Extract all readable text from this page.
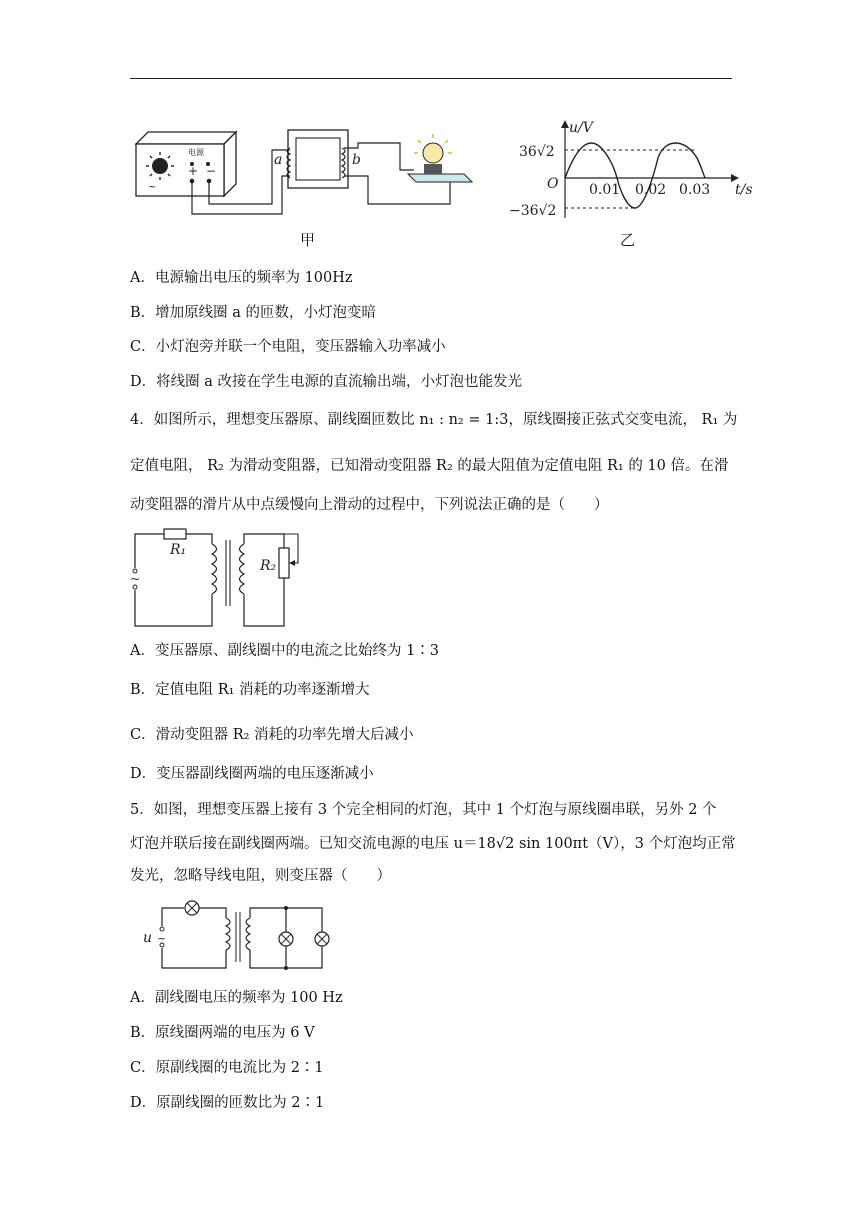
~
电源
+ −
a	b
甲
u/V
t/s
O
36√2
−36√2
0.01 0.02 0.03
乙
A．电源输出电压的频率为 100Hz
B．增加原线圈 a 的匝数，小灯泡变暗
C．小灯泡旁并联一个电阻，变压器输入功率减小
D．将线圈 a 改接在学生电源的直流输出端，小灯泡也能发光
4．如图所示，理想变压器原、副线圈匝数比 n₁ : n₂ = 1:3，原线圈接正弦式交变电流， R₁ 为
定值电阻， R₂ 为滑动变阻器，已知滑动变阻器 R₂ 的最大阻值为定值电阻 R₁ 的 10 倍。在滑
动变阻器的滑片从中点缓慢向上滑动的过程中，下列说法正确的是（　　）
~
R₁
R₂
A．变压器原、副线圈中的电流之比始终为 1∶3
B．定值电阻 R₁ 消耗的功率逐渐增大
C．滑动变阻器 R₂ 消耗的功率先增大后减小
D．变压器副线圈两端的电压逐渐减小
5．如图，理想变压器上接有 3 个完全相同的灯泡，其中 1 个灯泡与原线圈串联，另外 2 个
灯泡并联后接在副线圈两端。已知交流电源的电压 u＝18√2 sin 100πt（V），3 个灯泡均正常
发光，忽略导线电阻，则变压器（　　）
~
u
A．副线圈电压的频率为 100 Hz
B．原线圈两端的电压为 6 V
C．原副线圈的电流比为 2∶1
D．原副线圈的匝数比为 2∶1
